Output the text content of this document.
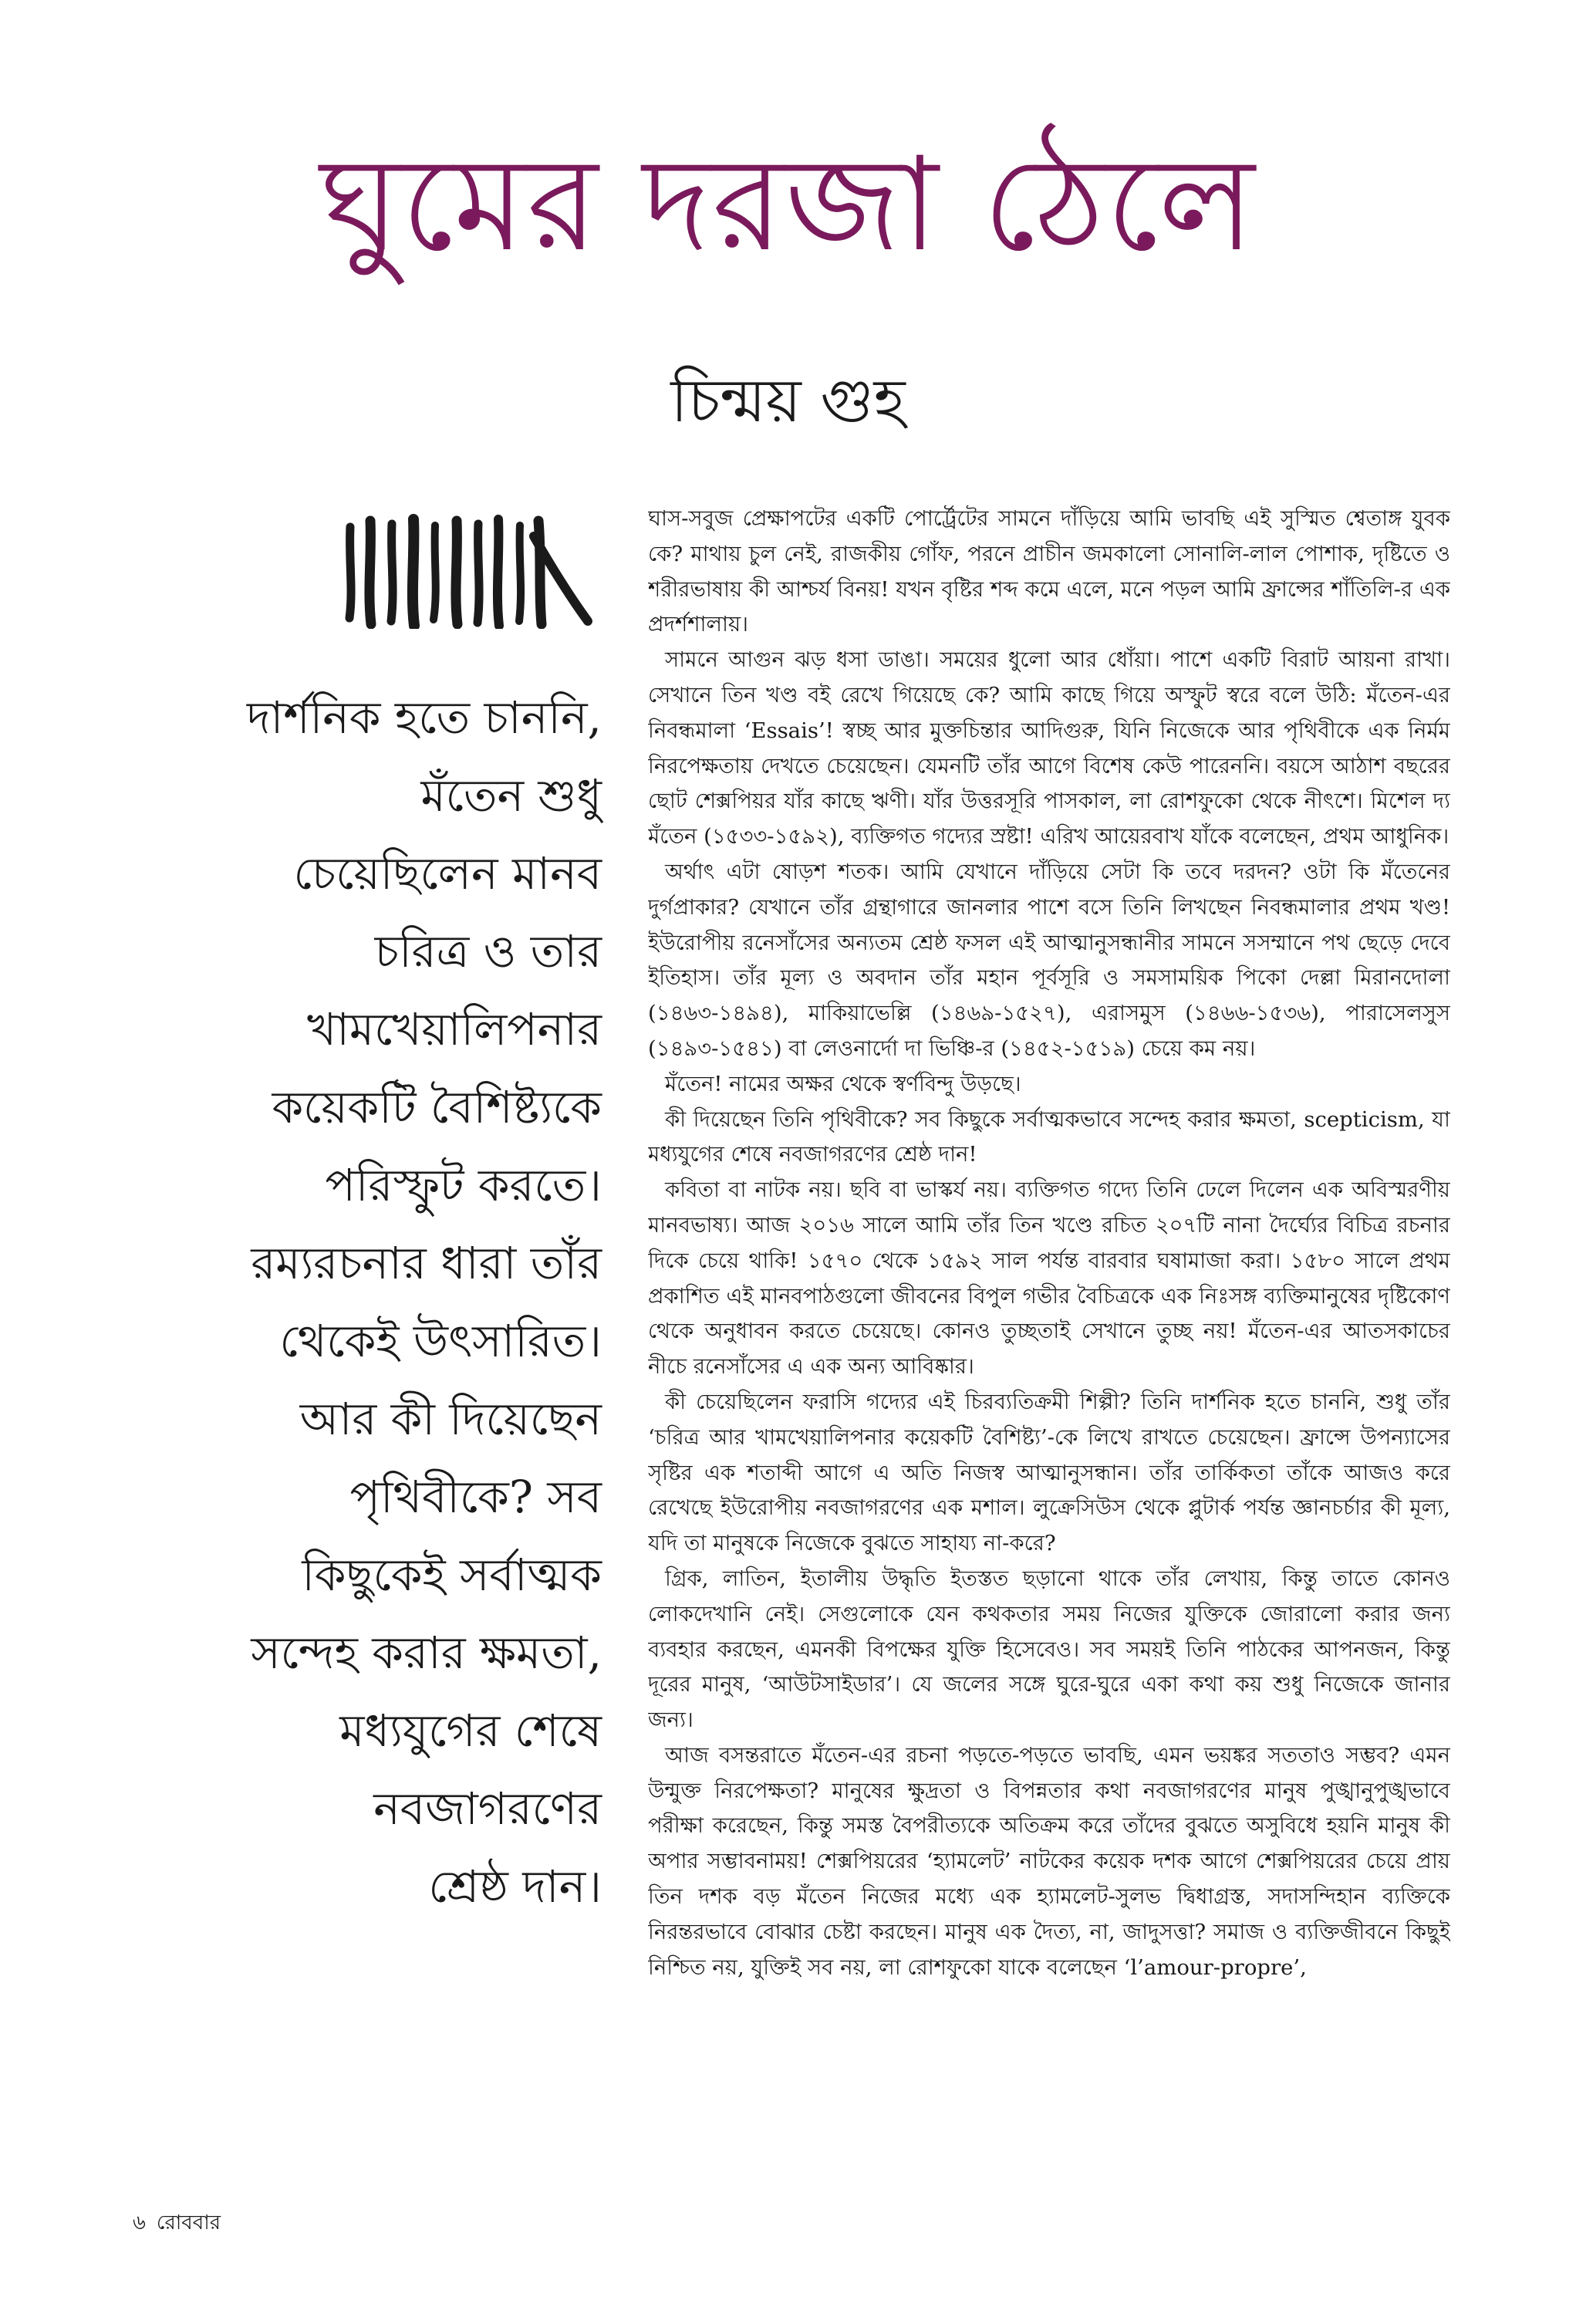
ঘুমের দরজা ঠেলে
চিন্ময় গুহ
দার্শনিক হতে চাননি,
মঁতেন শুধু
চেয়েছিলেন মানব
চরিত্র ও তার
খামখেয়ালিপনার
কয়েকটি বৈশিষ্ট্যকে
পরিস্ফুট করতে।
রম্যরচনার ধারা তাঁর
থেকেই উৎসারিত।
আর কী দিয়েছেন
পৃথিবীকে? সব
কিছুকেই সর্বাত্মক
সন্দেহ করার ক্ষমতা,
মধ্যযুগের শেষে
নবজাগরণের
শ্রেষ্ঠ দান।

ঘাস-সবুজ প্রেক্ষাপটের একটি পোর্ট্রেটের সামনে দাঁড়িয়ে আমি ভাবছি এই সুস্মিত শ্বেতাঙ্গ যুবক কে? মাথায় চুল নেই, রাজকীয় গোঁফ, পরনে প্রাচীন জমকালো সোনালি-লাল পোশাক, দৃষ্টিতে ও শরীরভাষায় কী আশ্চর্য বিনয়! যখন বৃষ্টির শব্দ কমে এলে, মনে পড়ল আমি ফ্রান্সের শাঁতিলি-র এক প্রদর্শশালায়।

সামনে আগুন ঝড় ধসা ডাঙা। সময়ের ধুলো আর ধোঁয়া। পাশে একটি বিরাট আয়না রাখা। সেখানে তিন খণ্ড বই রেখে গিয়েছে কে? আমি কাছে গিয়ে অস্ফুট স্বরে বলে উঠি: মঁতেন-এর নিবন্ধমালা ‘Essais’! স্বচ্ছ আর মুক্তচিন্তার আদিগুরু, যিনি নিজেকে আর পৃথিবীকে এক নির্মম নিরপেক্ষতায় দেখতে চেয়েছেন। যেমনটি তাঁর আগে বিশেষ কেউ পারেননি। বয়সে আঠাশ বছরের ছোট শেক্সপিয়র যাঁর কাছে ঋণী। যাঁর উত্তরসূরি পাসকাল, লা রোশফুকো থেকে নীৎশে। মিশেল দ্য মঁতেন (১৫৩৩-১৫৯২), ব্যক্তিগত গদ্যের স্রষ্টা! এরিখ আয়েরবাখ যাঁকে বলেছেন, প্রথম আধুনিক।

অর্থাৎ এটা ষোড়শ শতক। আমি যেখানে দাঁড়িয়ে সেটা কি তবে দরদন? ওটা কি মঁতেনের দুর্গপ্রাকার? যেখানে তাঁর গ্রন্থাগারে জানলার পাশে বসে তিনি লিখছেন নিবন্ধমালার প্রথম খণ্ড! ইউরোপীয় রনেসাঁসের অন্যতম শ্রেষ্ঠ ফসল এই আত্মানুসন্ধানীর সামনে সসম্মানে পথ ছেড়ে দেবে ইতিহাস। তাঁর মূল্য ও অবদান তাঁর মহান পূর্বসূরি ও সমসাময়িক পিকো দেল্লা মিরানদোলা (১৪৬৩-১৪৯৪), মাকিয়াভেল্লি (১৪৬৯-১৫২৭), এরাসমুস (১৪৬৬-১৫৩৬), পারাসেলসুস (১৪৯৩-১৫৪১) বা লেওনার্দো দা ভিঞ্চি-র (১৪৫২-১৫১৯) চেয়ে কম নয়।

মঁতেন! নামের অক্ষর থেকে স্বর্ণবিন্দু উড়ছে।

কী দিয়েছেন তিনি পৃথিবীকে? সব কিছুকে সর্বাত্মকভাবে সন্দেহ করার ক্ষমতা, scepticism, যা মধ্যযুগের শেষে নবজাগরণের শ্রেষ্ঠ দান!

কবিতা বা নাটক নয়। ছবি বা ভাস্কর্য নয়। ব্যক্তিগত গদ্যে তিনি ঢেলে দিলেন এক অবিস্মরণীয় মানবভাষ্য। আজ ২০১৬ সালে আমি তাঁর তিন খণ্ডে রচিত ২০৭টি নানা দৈর্ঘ্যের বিচিত্র রচনার দিকে চেয়ে থাকি! ১৫৭০ থেকে ১৫৯২ সাল পর্যন্ত বারবার ঘষামাজা করা। ১৫৮০ সালে প্রথম প্রকাশিত এই মানবপাঠগুলো জীবনের বিপুল গভীর বৈচিত্রকে এক নিঃসঙ্গ ব্যক্তিমানুষের দৃষ্টিকোণ থেকে অনুধাবন করতে চেয়েছে। কোনও তুচ্ছতাই সেখানে তুচ্ছ নয়! মঁতেন-এর আতসকাচের নীচে রনেসাঁসের এ এক অন্য আবিষ্কার।

কী চেয়েছিলেন ফরাসি গদ্যের এই চিরব্যতিক্রমী শিল্পী? তিনি দার্শনিক হতে চাননি, শুধু তাঁর ‘চরিত্র আর খামখেয়ালিপনার কয়েকটি বৈশিষ্ট্য’-কে লিখে রাখতে চেয়েছেন। ফ্রান্সে উপন্যাসের সৃষ্টির এক শতাব্দী আগে এ অতি নিজস্ব আত্মানুসন্ধান। তাঁর তার্কিকতা তাঁকে আজও করে রেখেছে ইউরোপীয় নবজাগরণের এক মশাল। লুক্রেসিউস থেকে প্লুটার্ক পর্যন্ত জ্ঞানচর্চার কী মূল্য, যদি তা মানুষকে নিজেকে বুঝতে সাহায্য না-করে?

গ্রিক, লাতিন, ইতালীয় উদ্ধৃতি ইতস্তত ছড়ানো থাকে তাঁর লেখায়, কিন্তু তাতে কোনও লোকদেখানি নেই। সেগুলোকে যেন কথকতার সময় নিজের যুক্তিকে জোরালো করার জন্য ব্যবহার করছেন, এমনকী বিপক্ষের যুক্তি হিসেবেও। সব সময়ই তিনি পাঠকের আপনজন, কিন্তু দূরের মানুষ, ‘আউটসাইডার’। যে জলের সঙ্গে ঘুরে-ঘুরে একা কথা কয় শুধু নিজেকে জানার জন্য।

আজ বসন্তরাতে মঁতেন-এর রচনা পড়তে-পড়তে ভাবছি, এমন ভয়ঙ্কর সততাও সম্ভব? এমন উন্মুক্ত নিরপেক্ষতা? মানুষের ক্ষুদ্রতা ও বিপন্নতার কথা নবজাগরণের মানুষ পুঙ্খানুপুঙ্খভাবে পরীক্ষা করেছেন, কিন্তু সমস্ত বৈপরীত্যকে অতিক্রম করে তাঁদের বুঝতে অসুবিধে হয়নি মানুষ কী অপার সম্ভাবনাময়! শেক্সপিয়রের ‘হ্যামলেট’ নাটকের কয়েক দশক আগে শেক্সপিয়রের চেয়ে প্রায় তিন দশক বড় মঁতেন নিজের মধ্যে এক হ্যামলেট-সুলভ দ্বিধাগ্রস্ত, সদাসন্দিহান ব্যক্তিকে নিরন্তরভাবে বোঝার চেষ্টা করছেন। মানুষ এক দৈত্য, না, জাদুসত্তা? সমাজ ও ব্যক্তিজীবনে কিছুই নিশ্চিত নয়, যুক্তিই সব নয়, লা রোশফুকো যাকে বলেছেন ‘l’amour-propre’,

৬ রোববার
